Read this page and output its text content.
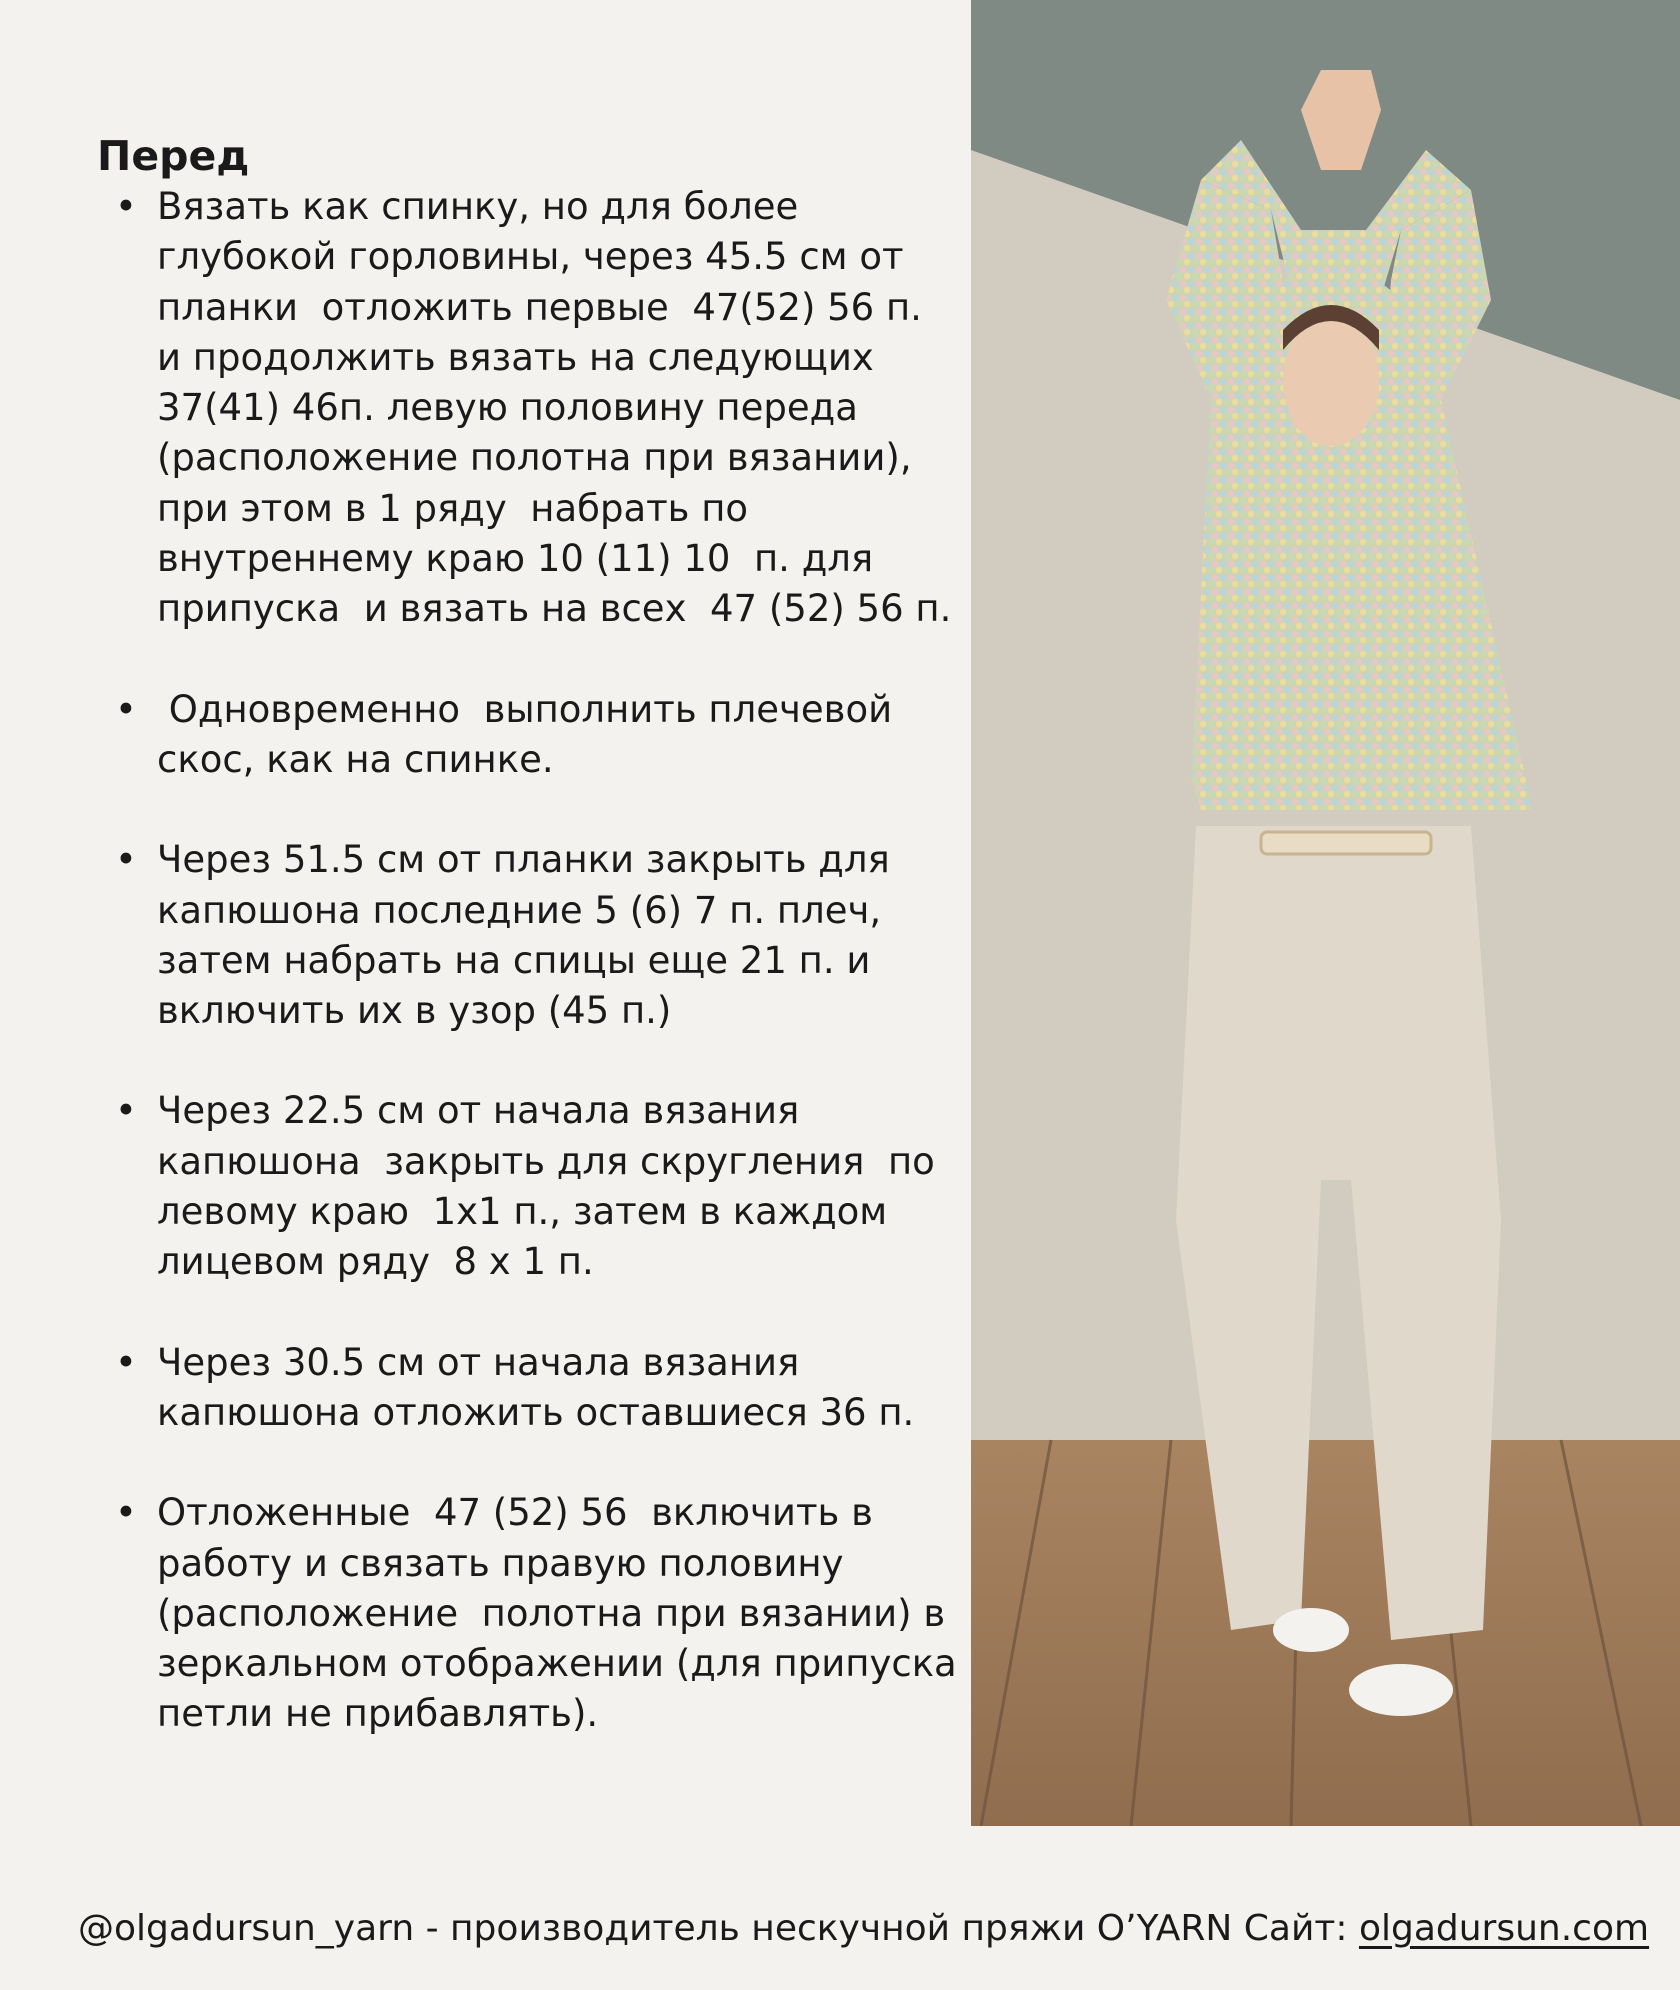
Перед
• Вязать как спинку, но для более глубокой горловины, через 45.5 см от планки  отложить первые  47(52) 56 п. и продолжить вязать на следующих 37(41) 46п. левую половину переда (расположение полотна при вязании), при этом в 1 ряду  набрать по внутреннему краю 10 (11) 10  п. для припуска  и вязать на всех  47 (52) 56 п.
• Одновременно  выполнить плечевой скос, как на спинке.
• Через 51.5 см от планки закрыть для капюшона последние 5 (6) 7 п. плеч, затем набрать на спицы еще 21 п. и включить их в узор (45 п.)
• Через 22.5 см от начала вязания капюшона  закрыть для скругления  по левому краю  1х1 п., затем в каждом лицевом ряду  8 х 1 п.
• Через 30.5 см от начала вязания капюшона отложить оставшиеся 36 п.
• Отложенные  47 (52) 56  включить в работу и связать правую половину (расположение  полотна при вязании) в зеркальном отображении (для припуска петли не прибавлять).
@olgadursun_yarn - производитель нескучной пряжи O’YARN Сайт: olgadursun.com
